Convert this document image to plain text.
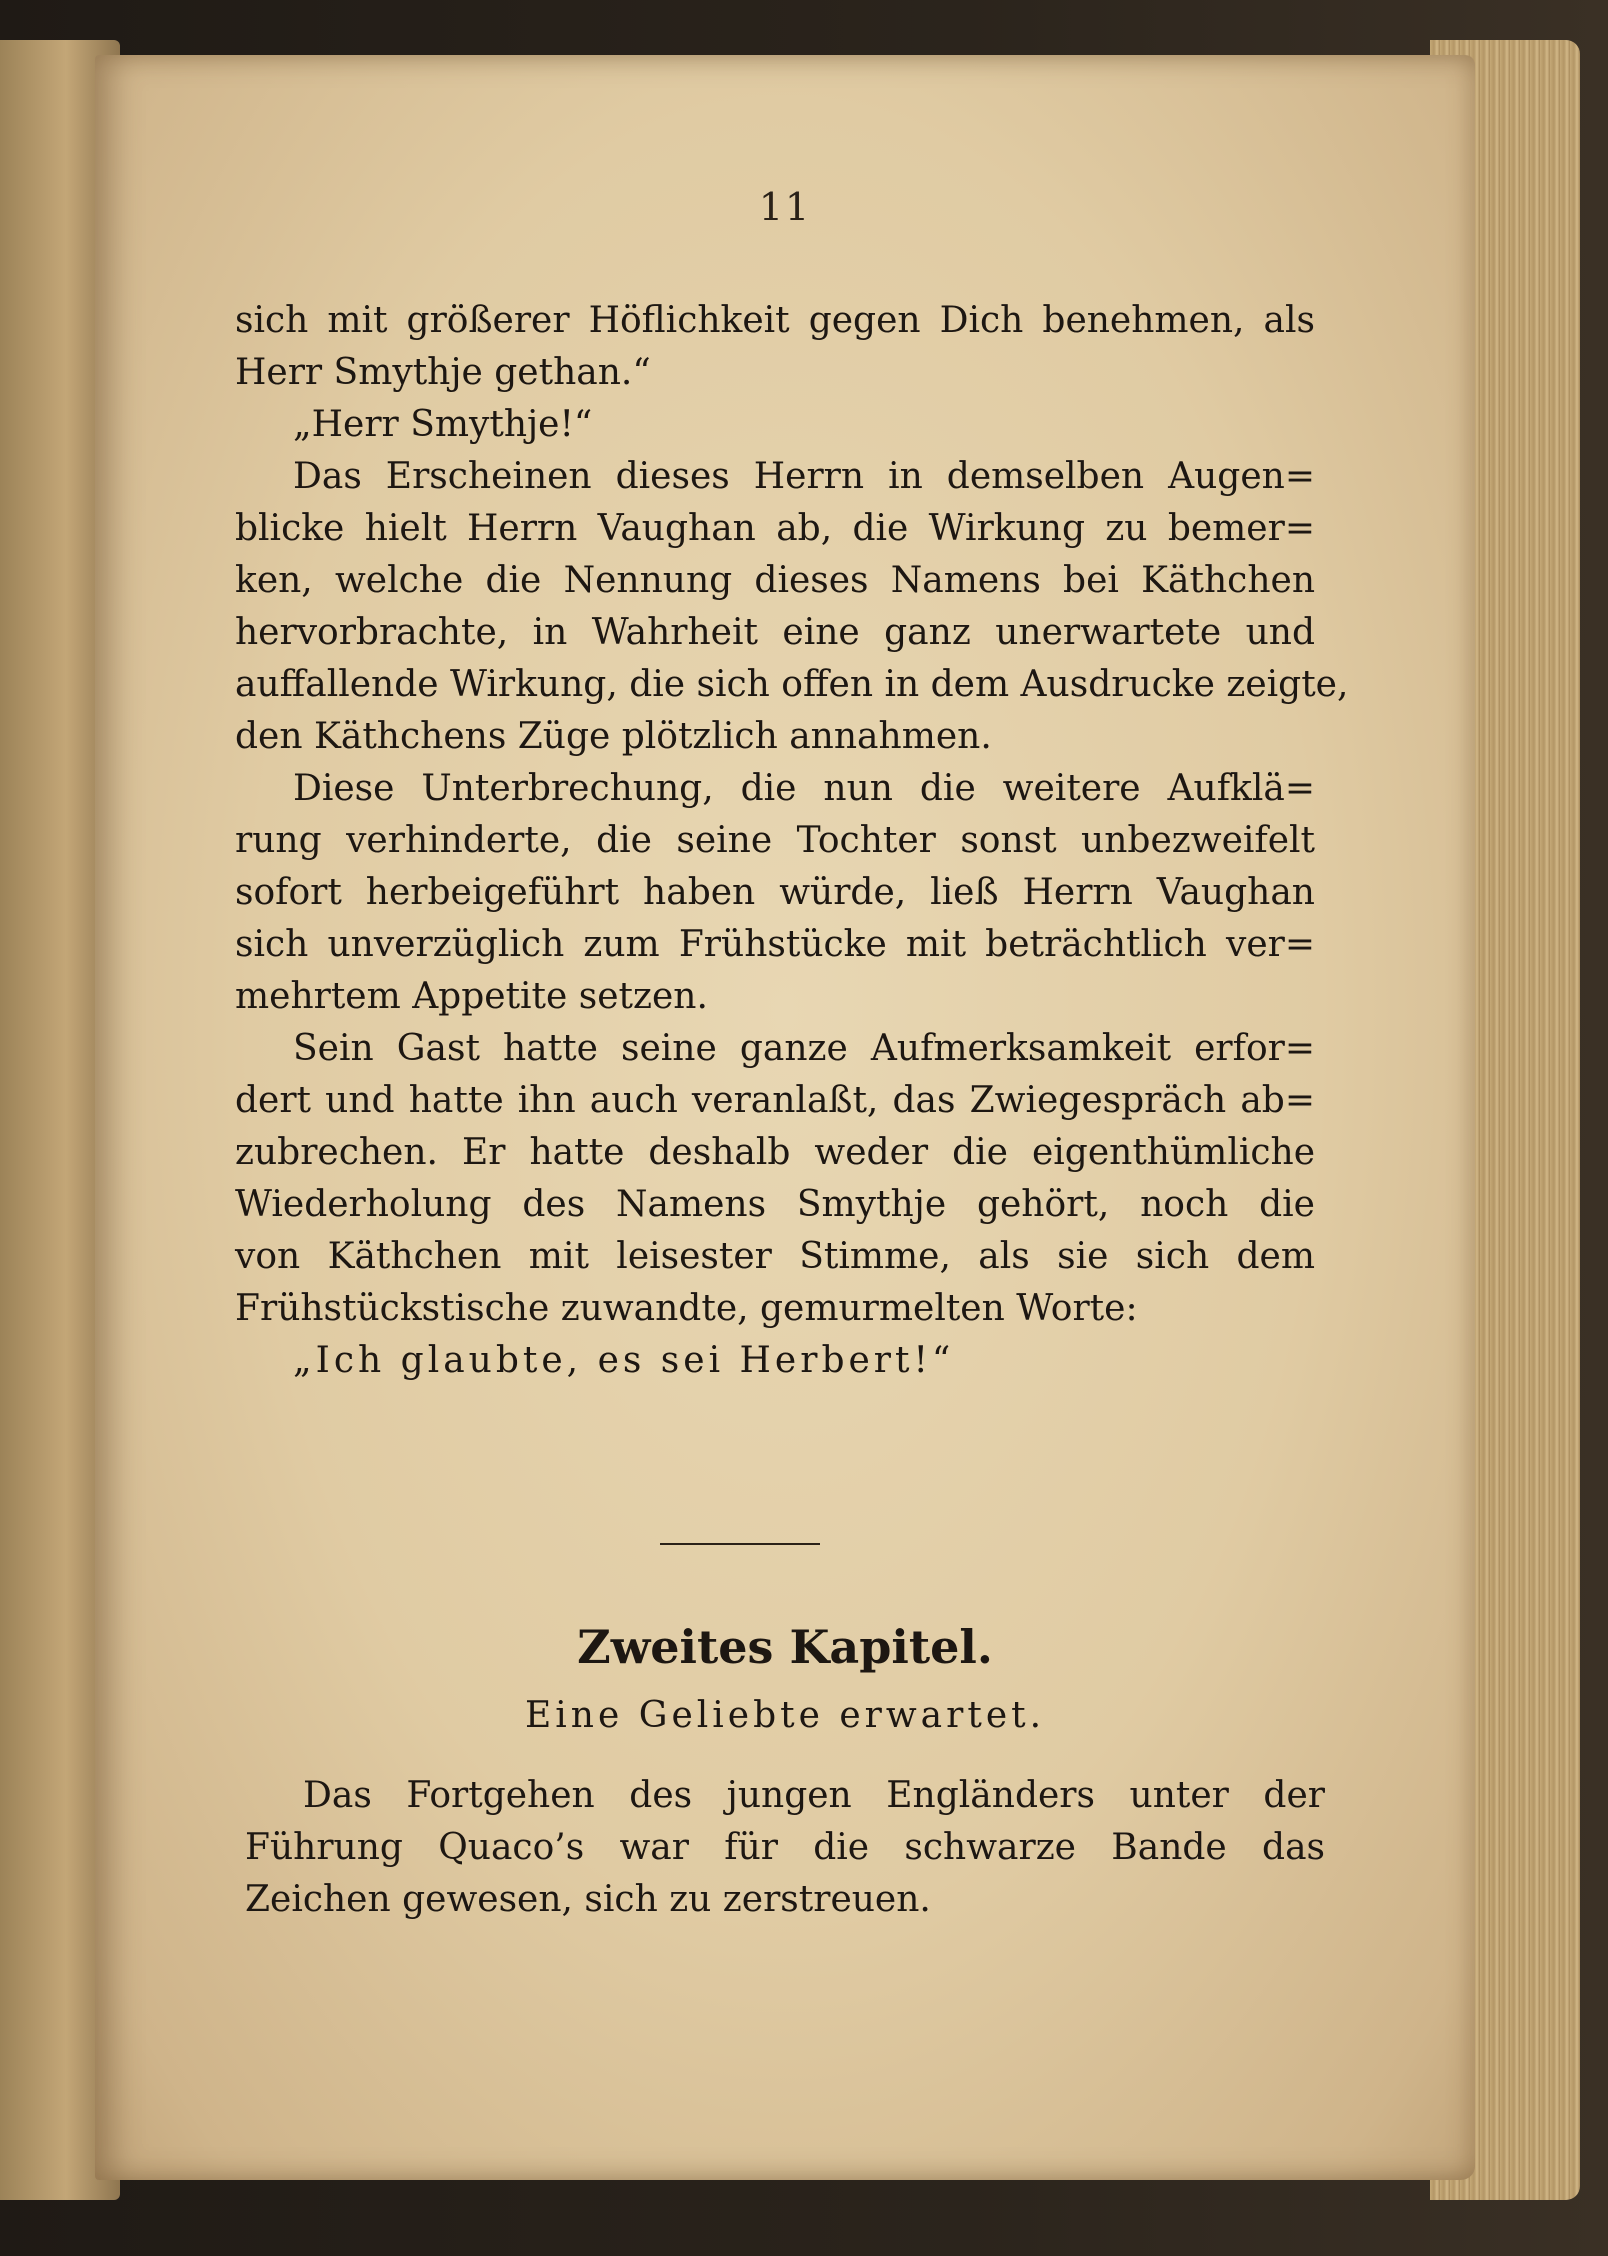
11

sich mit größerer Höflichkeit gegen Dich benehmen, als

Herr Smythje gethan.“

„Herr Smythje!“

Das Erscheinen dieses Herrn in demselben Augen=

blicke hielt Herrn Vaughan ab, die Wirkung zu bemer=

ken, welche die Nennung dieses Namens bei Käthchen

hervorbrachte, in Wahrheit eine ganz unerwartete und

auffallende Wirkung, die sich offen in dem Ausdrucke zeigte,

den Käthchens Züge plötzlich annahmen.

Diese Unterbrechung, die nun die weitere Aufklä=

rung verhinderte, die seine Tochter sonst unbezweifelt

sofort herbeigeführt haben würde, ließ Herrn Vaughan

sich unverzüglich zum Frühstücke mit beträchtlich ver=

mehrtem Appetite setzen.

Sein Gast hatte seine ganze Aufmerksamkeit erfor=

dert und hatte ihn auch veranlaßt, das Zwiegespräch ab=

zubrechen. Er hatte deshalb weder die eigenthümliche

Wiederholung des Namens Smythje gehört, noch die

von Käthchen mit leisester Stimme, als sie sich dem

Frühstückstische zuwandte, gemurmelten Worte:

„Ich glaubte, es sei Herbert!“

Zweites Kapitel.
Eine Geliebte erwartet.

Das Fortgehen des jungen Engländers unter der

Führung Quaco’s war für die schwarze Bande das

Zeichen gewesen, sich zu zerstreuen.
